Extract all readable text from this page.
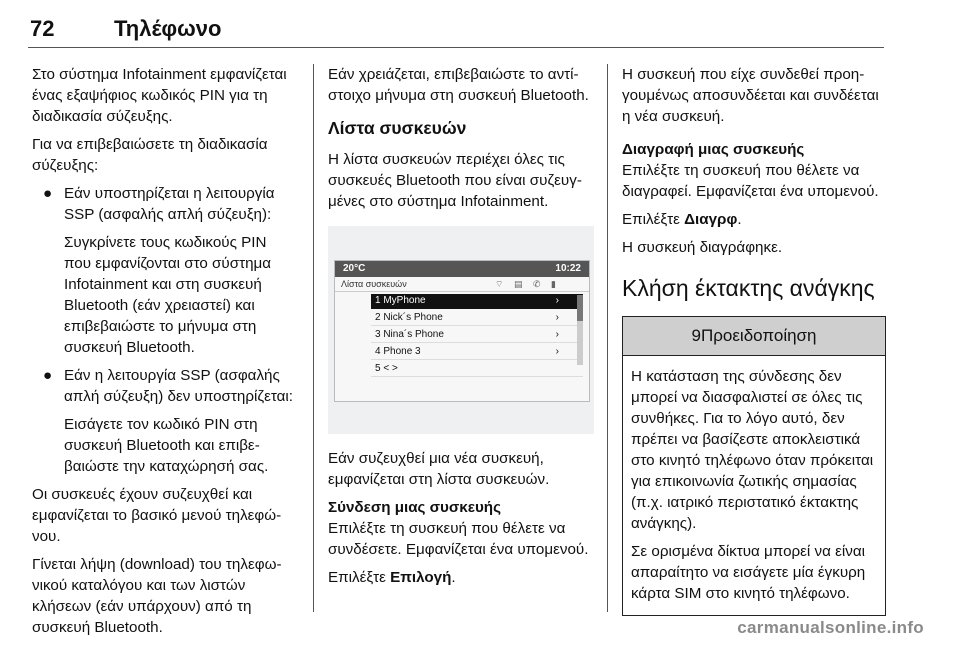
72	Τηλέφωνο

Στο σύστημα Infotainment εμφανίζεται ένας εξαψήφιος κωδικός PIN για τη διαδικασία σύζευξης.

Για να επιβεβαιώσετε τη διαδικασία σύζευξης:

● Εάν υποστηρίζεται η λειτουργία SSP (ασφαλής απλή σύζευξη):

Συγκρίνετε τους κωδικούς PIN που εμφανίζονται στο σύστημα Infotainment και στη συσκευή Bluetooth (εάν χρειαστεί) και επιβεβαιώστε το μήνυμα στη συσκευή Bluetooth.

● Εάν η λειτουργία SSP (ασφαλής απλή σύζευξη) δεν υποστηρίζεται:

Εισάγετε τον κωδικό PIN στη συσκευή Bluetooth και επιβεβαιώστε την καταχώρησή σας.

Οι συσκευές έχουν συζευχθεί και εμφανίζεται το βασικό μενού τηλεφώνου.

Γίνεται λήψη (download) του τηλεφωνικού καταλόγου και των λιστών κλήσεων (εάν υπάρχουν) από τη συσκευή Bluetooth.

Εάν χρειάζεται, επιβεβαιώστε το αντίστοιχο μήνυμα στη συσκευή Bluetooth.

Λίστα συσκευών

Η λίστα συσκευών περιέχει όλες τις συσκευές Bluetooth που είναι συζευγμένες στο σύστημα Infotainment.

20°C	10:22
Λίστα συσκευών	⌔ ▤ ✆ ▮
1 MyPhone	›
2 Nick´s Phone	›
3 Nina´s Phone	›
4 Phone 3	›
5 < >

Εάν συζευχθεί μια νέα συσκευή, εμφανίζεται στη λίστα συσκευών.

Σύνδεση μιας συσκευής

Επιλέξτε τη συσκευή που θέλετε να συνδέσετε. Εμφανίζεται ένα υπομενού.

Επιλέξτε Επιλογή.

Η συσκευή που είχε συνδεθεί προηγουμένως αποσυνδέεται και συνδέεται η νέα συσκευή.

Διαγραφή μιας συσκευής

Επιλέξτε τη συσκευή που θέλετε να διαγραφεί. Εμφανίζεται ένα υπομενού.

Επιλέξτε Διαγρφ.

Η συσκευή διαγράφηκε.

Κλήση έκτακτης ανάγκης

9Προειδοποίηση

Η κατάσταση της σύνδεσης δεν μπορεί να διασφαλιστεί σε όλες τις συνθήκες. Για το λόγο αυτό, δεν πρέπει να βασίζεστε αποκλειστικά στο κινητό τηλέφωνο όταν πρόκειται για επικοινωνία ζωτικής σημασίας (π.χ. ιατρικό περιστατικό έκτακτης ανάγκης).

Σε ορισμένα δίκτυα μπορεί να είναι απαραίτητο να εισάγετε μία έγκυρη κάρτα SIM στο κινητό τηλέφωνο.

carmanualsonline.info
